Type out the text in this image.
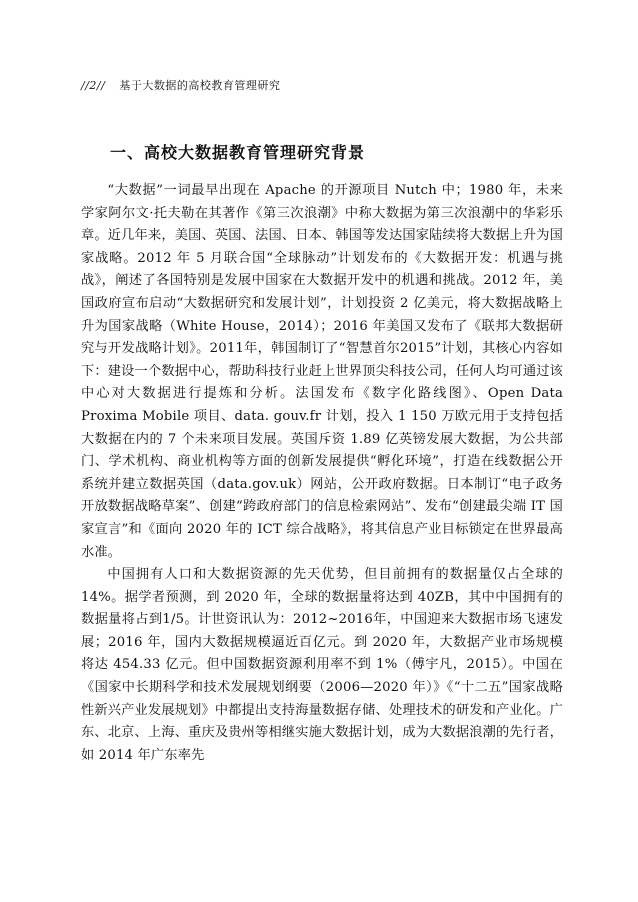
//2// 基于大数据的高校教育管理研究
一、高校大数据教育管理研究背景

“大数据”一词最早出现在 Apache 的开源项目 Nutch 中；1980 年，未来学家阿尔文·托夫勒在其著作《第三次浪潮》中称大数据为第三次浪潮中的华彩乐章。近几年来，美国、英国、法国、日本、韩国等发达国家陆续将大数据上升为国家战略。2012 年 5 月联合国“全球脉动”计划发布的《大数据开发：机遇与挑战》，阐述了各国特别是发展中国家在大数据开发中的机遇和挑战。2012 年，美国政府宣布启动“大数据研究和发展计划”，计划投资 2 亿美元，将大数据战略上升为国家战略（White House，2014）；2016 年美国又发布了《联邦大数据研究与开发战略计划》。2011年，韩国制订了“智慧首尔2015”计划，其核心内容如下：建设一个数据中心，帮助科技行业赶上世界顶尖科技公司，任何人均可通过该中心对大数据进行提炼和分析。法国发布《数字化路线图》、Open Data Proxima Mobile 项目、data. gouv.fr 计划，投入 1 150 万欧元用于支持包括大数据在内的 7 个未来项目发展。英国斥资 1.89 亿英镑发展大数据，为公共部门、学术机构、商业机构等方面的创新发展提供“孵化环境”，打造在线数据公开系统并建立数据英国（data.gov.uk）网站，公开政府数据。日本制订“电子政务开放数据战略草案”、创建“跨政府部门的信息检索网站”、发布“创建最尖端 IT 国家宣言”和《面向 2020 年的 ICT 综合战略》，将其信息产业目标锁定在世界最高水准。

中国拥有人口和大数据资源的先天优势，但目前拥有的数据量仅占全球的 14%。据学者预测，到 2020 年，全球的数据量将达到 40ZB，其中中国拥有的数据量将占到1/5。计世资讯认为：2012~2016年，中国迎来大数据市场飞速发展；2016 年，国内大数据规模逼近百亿元。到 2020 年，大数据产业市场规模将达 454.33 亿元。但中国数据资源利用率不到 1%（傅宇凡，2015）。中国在《国家中长期科学和技术发展规划纲要（2006—2020 年）》《“十二五”国家战略性新兴产业发展规划》中都提出支持海量数据存储、处理技术的研发和产业化。广东、北京、上海、重庆及贵州等相继实施大数据计划，成为大数据浪潮的先行者，如 2014 年广东率先
